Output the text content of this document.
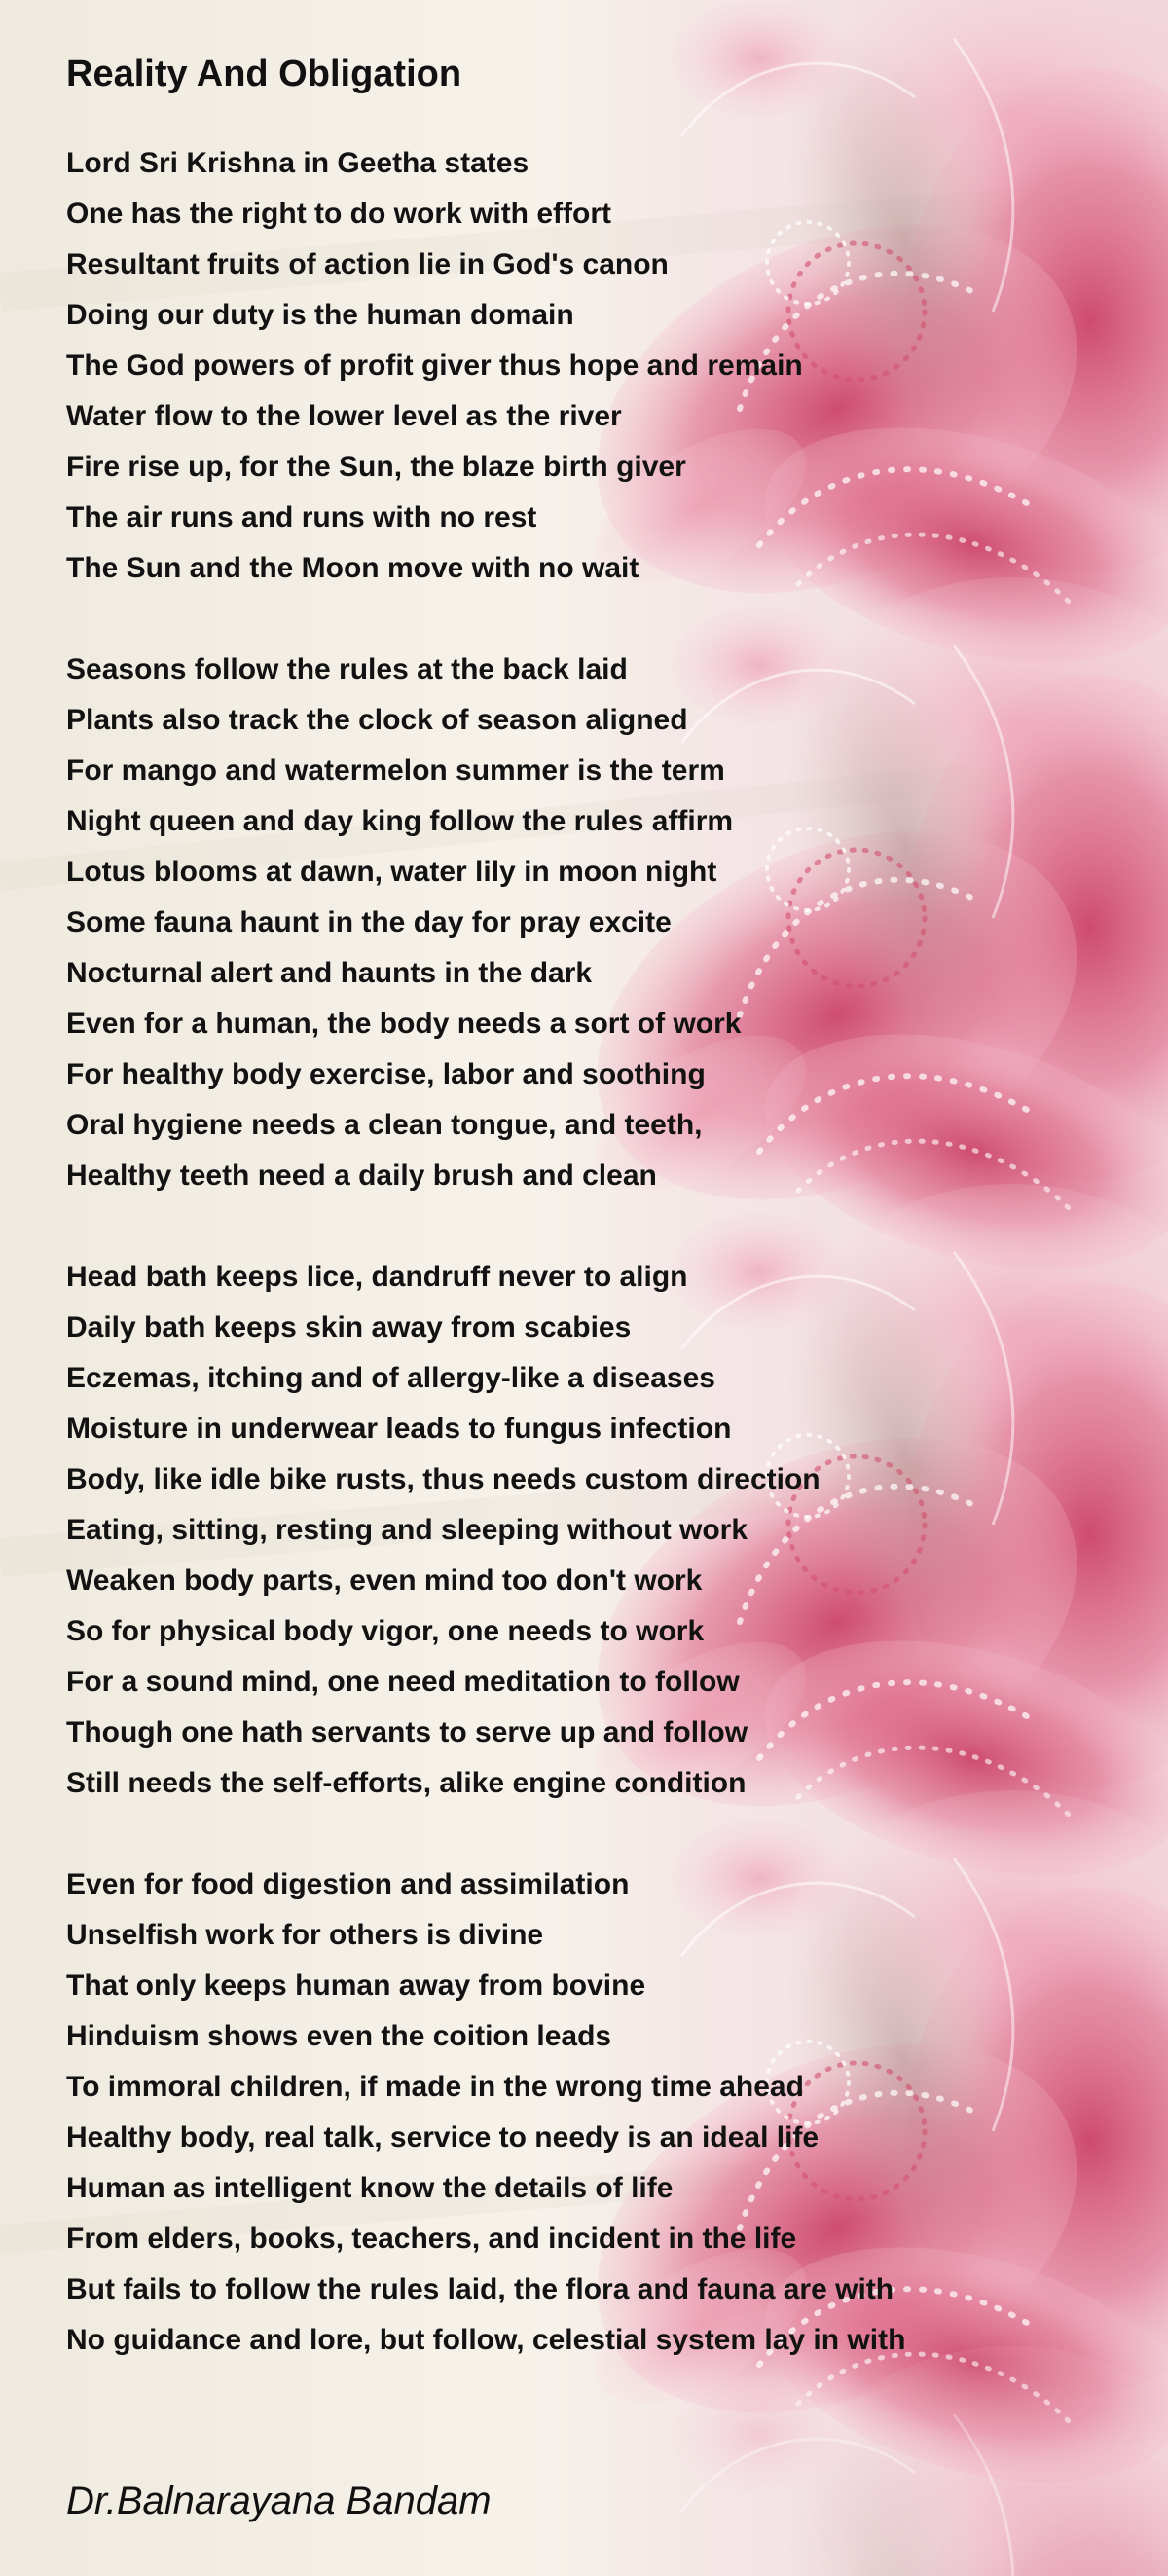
Reality And Obligation
Lord Sri Krishna in Geetha states
One has the right to do work with effort
Resultant fruits of action lie in God's canon
Doing our duty is the human domain
The God powers of profit giver thus hope and remain
Water flow to the lower level as the river
Fire rise up, for the Sun, the blaze birth giver
The air runs and runs with no rest
The Sun and the Moon move with no wait
Seasons follow the rules at the back laid
Plants also track the clock of season aligned
For mango and watermelon summer is the term
Night queen and day king follow the rules affirm
Lotus blooms at dawn, water lily in moon night
Some fauna haunt in the day for pray excite
Nocturnal alert and haunts in the dark
Even for a human, the body needs a sort of work
For healthy body exercise, labor and soothing
Oral hygiene needs a clean tongue, and teeth,
Healthy teeth need a daily brush and clean
Head bath keeps lice, dandruff never to align
Daily bath keeps skin away from scabies
Eczemas, itching and of allergy-like a diseases
Moisture in underwear leads to fungus infection
Body, like idle bike rusts, thus needs custom direction
Eating, sitting, resting and sleeping without work
Weaken body parts, even mind too don't work
So for physical body vigor, one needs to work
For a sound mind, one need meditation to follow
Though one hath servants to serve up and follow
Still needs the self-efforts, alike engine condition
Even for food digestion and assimilation
Unselfish work for others is divine
That only keeps human away from bovine
Hinduism shows even the coition leads
To immoral children, if made in the wrong time ahead
Healthy body, real talk, service to needy is an ideal life
Human as intelligent know the details of life
From elders, books, teachers, and incident in the life
But fails to follow the rules laid, the flora and fauna are with
No guidance and lore, but follow, celestial system lay in with
Dr.Balnarayana Bandam
